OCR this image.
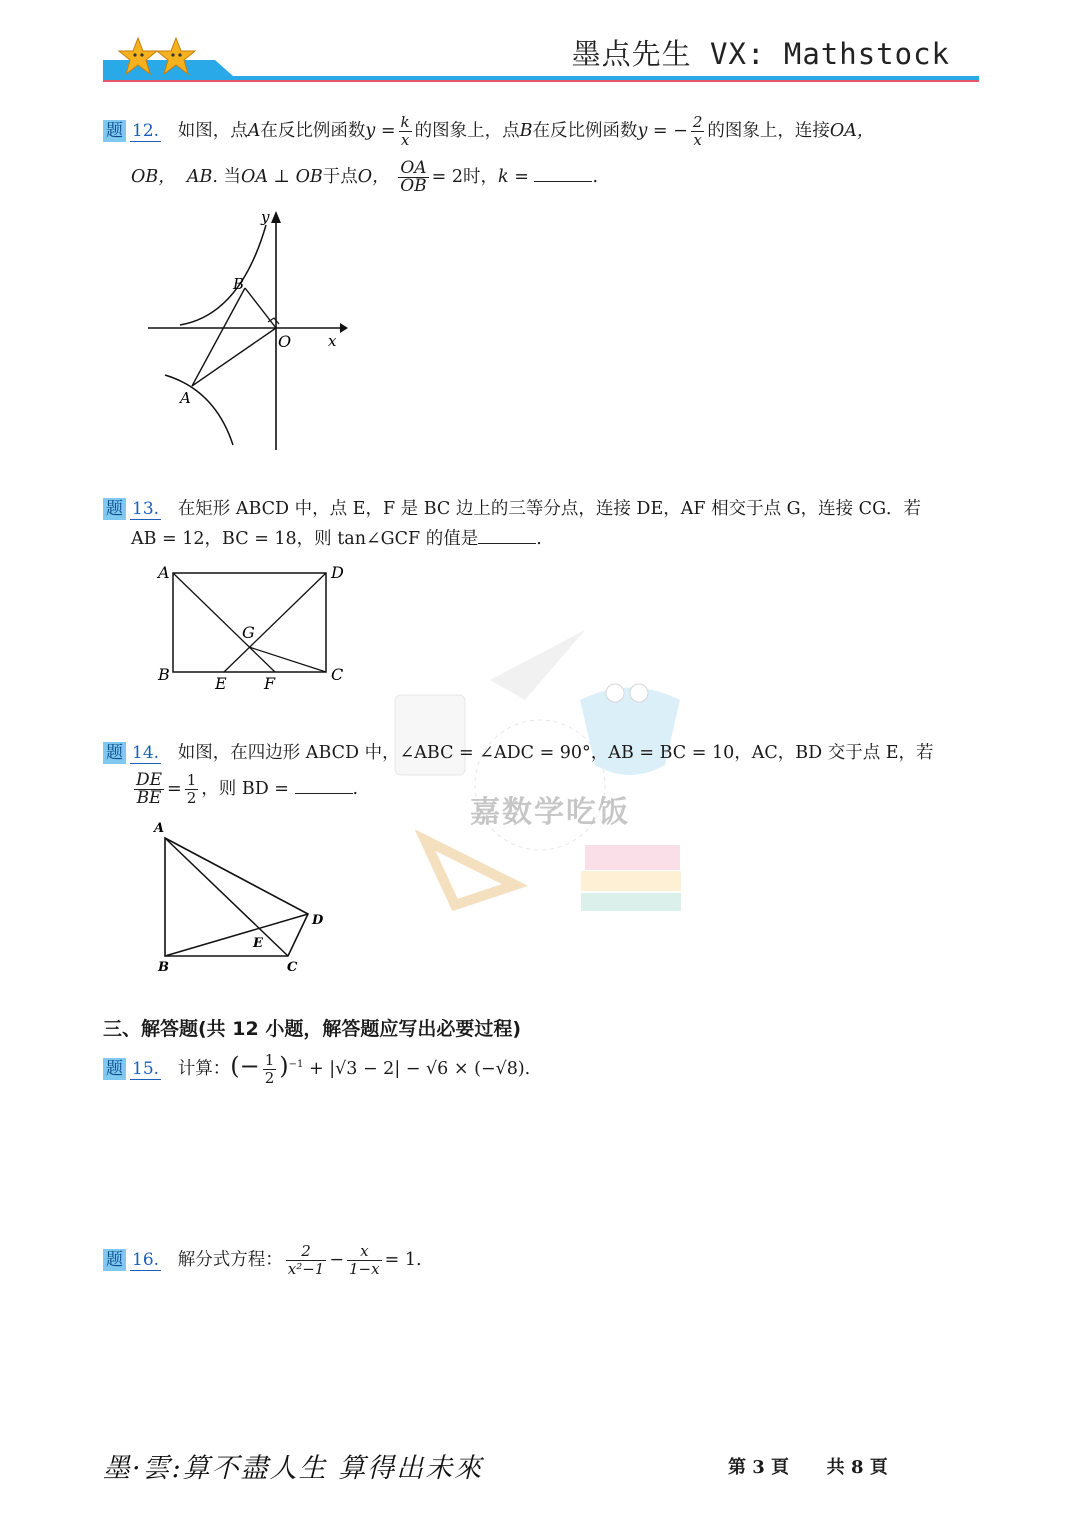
墨点先生 VX: Mathstock
嘉数学吃饭
题 12. 如图，点A在反比例函数$y = \frac{k}{x}$ 的图象上，点B在反比例函数y = − $\frac{2}{x}$ 的图象上，连接OA，
OB， AB. 当OA ⊥ OB于点O， $\frac{OA}{OB} = 2$时，k =	.
y
x
O
A
B
题 13. 在矩形 ABCD 中，点 E，F 是 BC 边上的三等分点，连接 DE，AF 相交于点 G，连接 CG．若
AB = 12，BC = 18，则 tan∠GCF 的值是	.
A	D
G
B	E F	C
题 14. 如图，在四边形 ABCD 中，∠ABC = ∠ADC = 90°，AB = BC = 10，AC，BD 交于点 E，若
$\frac{DE}{BE} = \frac{1}{2}$ ，则 BD =	.
A
D
E
B	C
三、解答题(共 12 小题，解答题应写出必要过程)
题 15. 计算：(− $\frac{1}{2} )^{-1} + |√3 - 2| - √6 \times (-√8)$.
题 16. 解分式方程： $\frac{2}{\text{x²−1}} - \frac{x}{1-x} = 1$.
墨·雲:算不盡人生 算得出未來	第 3 頁 共 8 頁
